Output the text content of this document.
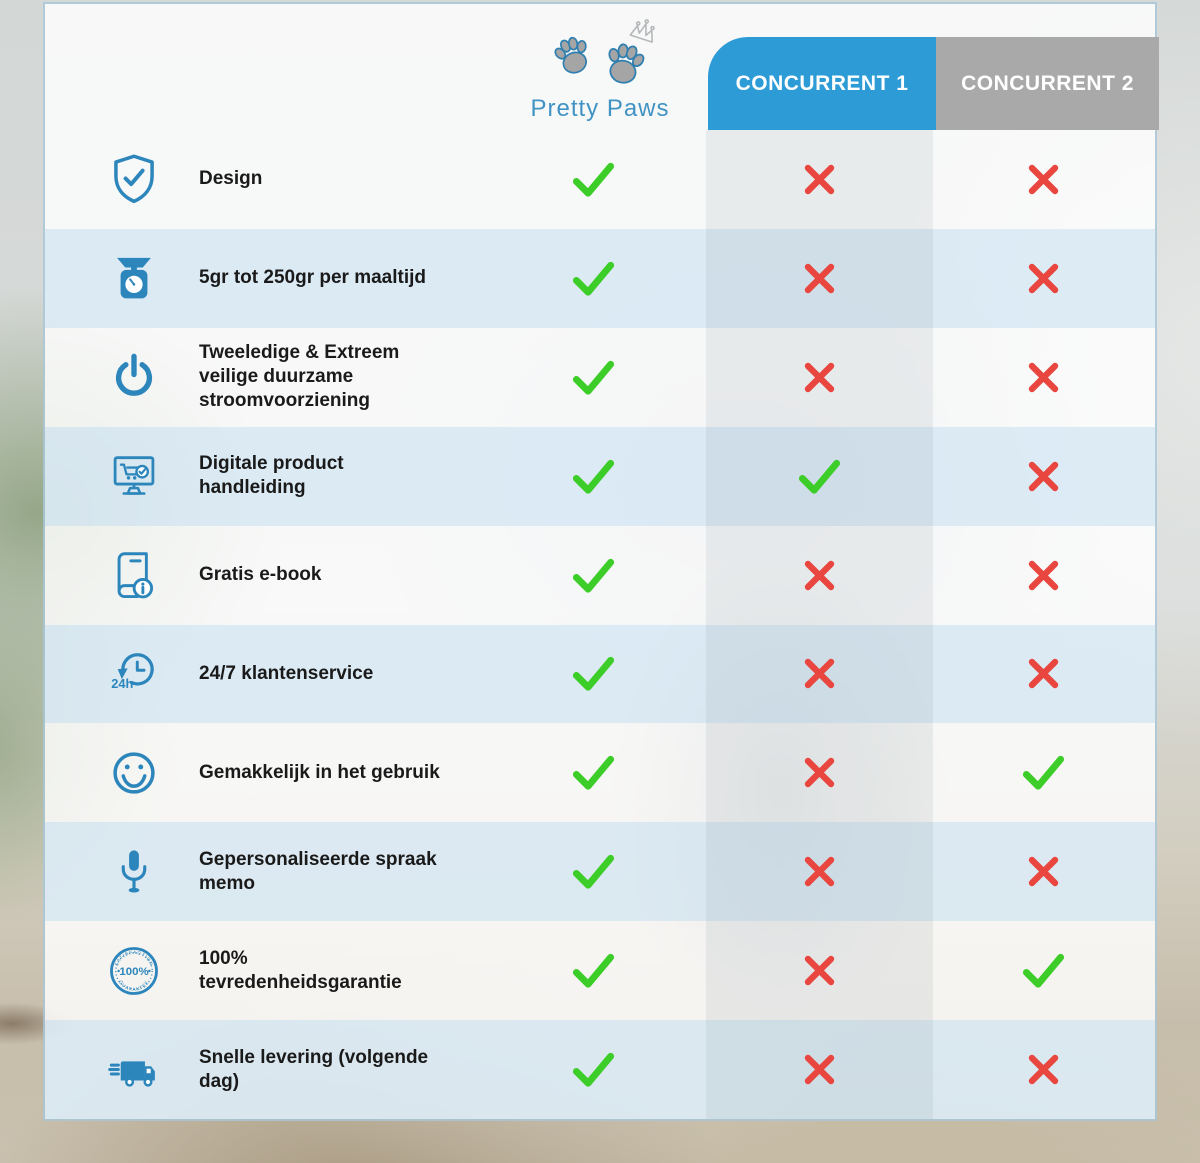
Pretty Paws
CONCURRENT 1	CONCURRENT 2
Design
5gr tot 250gr per maaltijd
Tweeledige & Extreem veilige duurzame stroomvoorziening
Digitale product handleiding
Gratis e-book
24/7 klantenservice
Gemakkelijk in het gebruik
Gepersonaliseerde spraak memo
100% tevredenheidsgarantie
Snelle levering (volgende dag)
